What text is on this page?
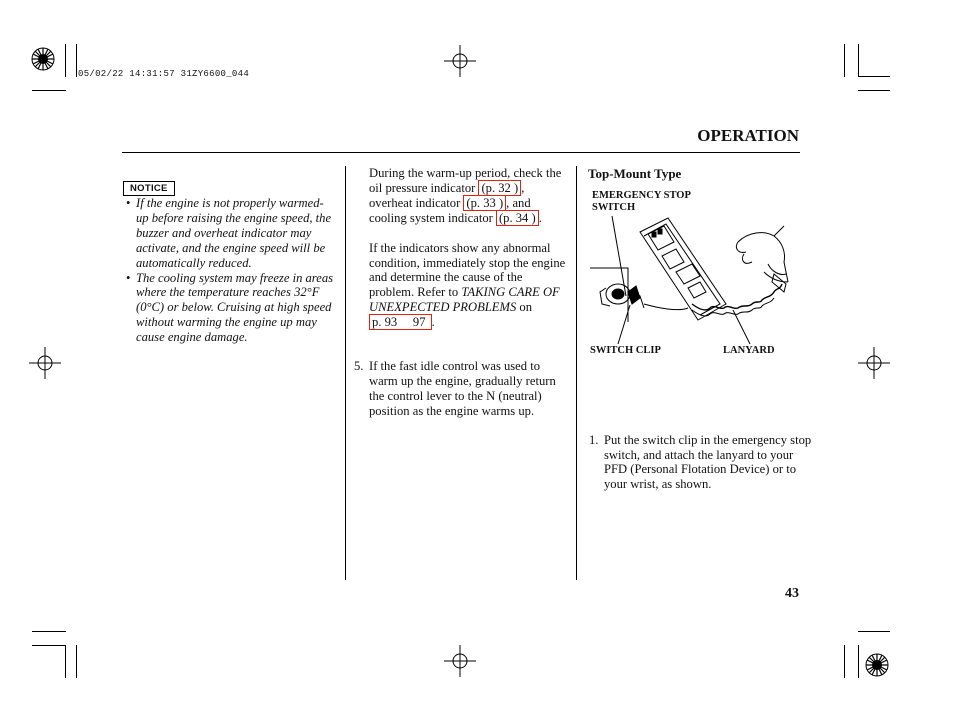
05/02/22 14:31:57 31ZY6600_044
OPERATION
NOTICE
• If the engine is not properly warmed-up before raising the engine speed, the buzzer and overheat indicator may activate, and the engine speed will be automatically reduced.
• The cooling system may freeze in areas where the temperature reaches 32°F (0°C) or below. Cruising at high speed without warming the engine up may cause engine damage.
During the warm-up period, check the oil pressure indicator (p. 32 ) , overheat indicator (p. 33 ) , and cooling system indicator (p. 34 ) .
If the indicators show any abnormal condition, immediately stop the engine and determine the cause of the problem. Refer to TAKING CARE OF UNEXPECTED PROBLEMS on p. 93     97 .
5. If the fast idle control was used to warm up the engine, gradually return the control lever to the N (neutral) position as the engine warms up.
Top-Mount Type
EMERGENCY STOP SWITCH
SWITCH CLIP	LANYARD
1. Put the switch clip in the emergency stop switch, and attach the lanyard to your PFD (Personal Flotation Device) or to your wrist, as shown.
43
